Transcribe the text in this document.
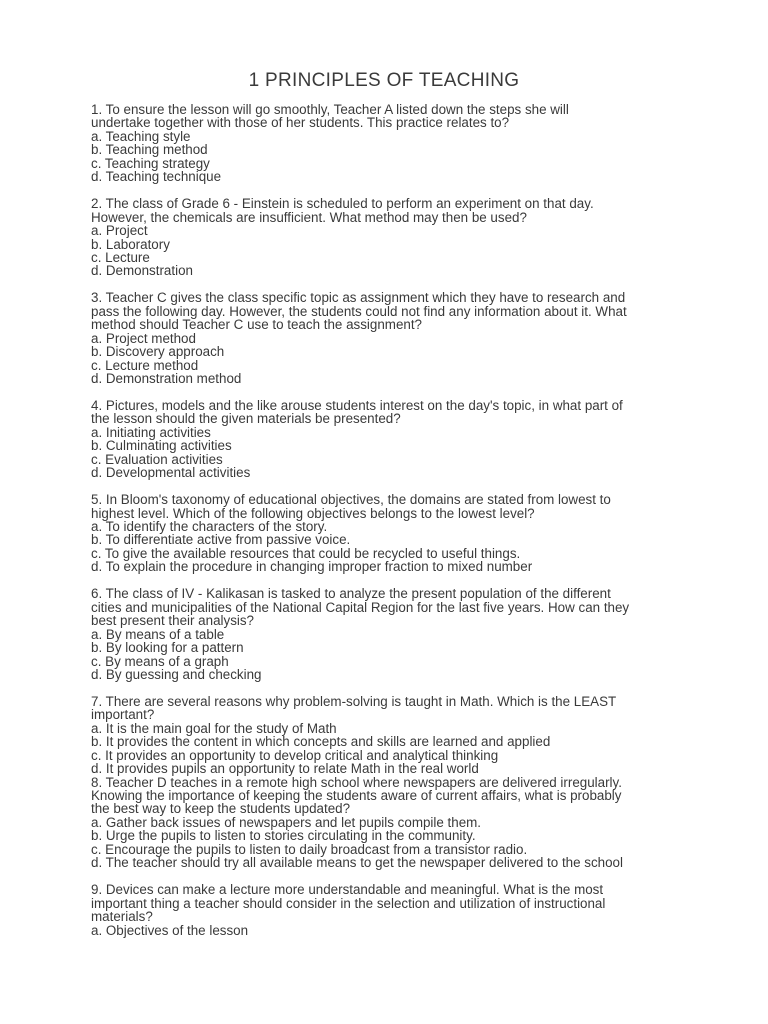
1 PRINCIPLES OF TEACHING
1. To ensure the lesson will go smoothly, Teacher A listed down the steps she will
undertake together with those of her students. This practice relates to?
a. Teaching style
b. Teaching method
c. Teaching strategy
d. Teaching technique
2. The class of Grade 6 - Einstein is scheduled to perform an experiment on that day.
However, the chemicals are insufficient. What method may then be used?
a. Project
b. Laboratory
c. Lecture
d. Demonstration
3. Teacher C gives the class specific topic as assignment which they have to research and
pass the following day. However, the students could not find any information about it. What
method should Teacher C use to teach the assignment?
a. Project method
b. Discovery approach
c. Lecture method
d. Demonstration method
4. Pictures, models and the like arouse students interest on the day's topic, in what part of
the lesson should the given materials be presented?
a. Initiating activities
b. Culminating activities
c. Evaluation activities
d. Developmental activities
5. In Bloom's taxonomy of educational objectives, the domains are stated from lowest to
highest level. Which of the following objectives belongs to the lowest level?
a. To identify the characters of the story.
b. To differentiate active from passive voice.
c. To give the available resources that could be recycled to useful things.
d. To explain the procedure in changing improper fraction to mixed number
6. The class of IV - Kalikasan is tasked to analyze the present population of the different
cities and municipalities of the National Capital Region for the last five years. How can they
best present their analysis?
a. By means of a table
b. By looking for a pattern
c. By means of a graph
d. By guessing and checking
7. There are several reasons why problem-solving is taught in Math. Which is the LEAST
important?
a. It is the main goal for the study of Math
b. It provides the content in which concepts and skills are learned and applied
c. It provides an opportunity to develop critical and analytical thinking
d. It provides pupils an opportunity to relate Math in the real world
8. Teacher D teaches in a remote high school where newspapers are delivered irregularly.
Knowing the importance of keeping the students aware of current affairs, what is probably
the best way to keep the students updated?
a. Gather back issues of newspapers and let pupils compile them.
b. Urge the pupils to listen to stories circulating in the community.
c. Encourage the pupils to listen to daily broadcast from a transistor radio.
d. The teacher should try all available means to get the newspaper delivered to the school
9. Devices can make a lecture more understandable and meaningful. What is the most
important thing a teacher should consider in the selection and utilization of instructional
materials?
a. Objectives of the lesson
